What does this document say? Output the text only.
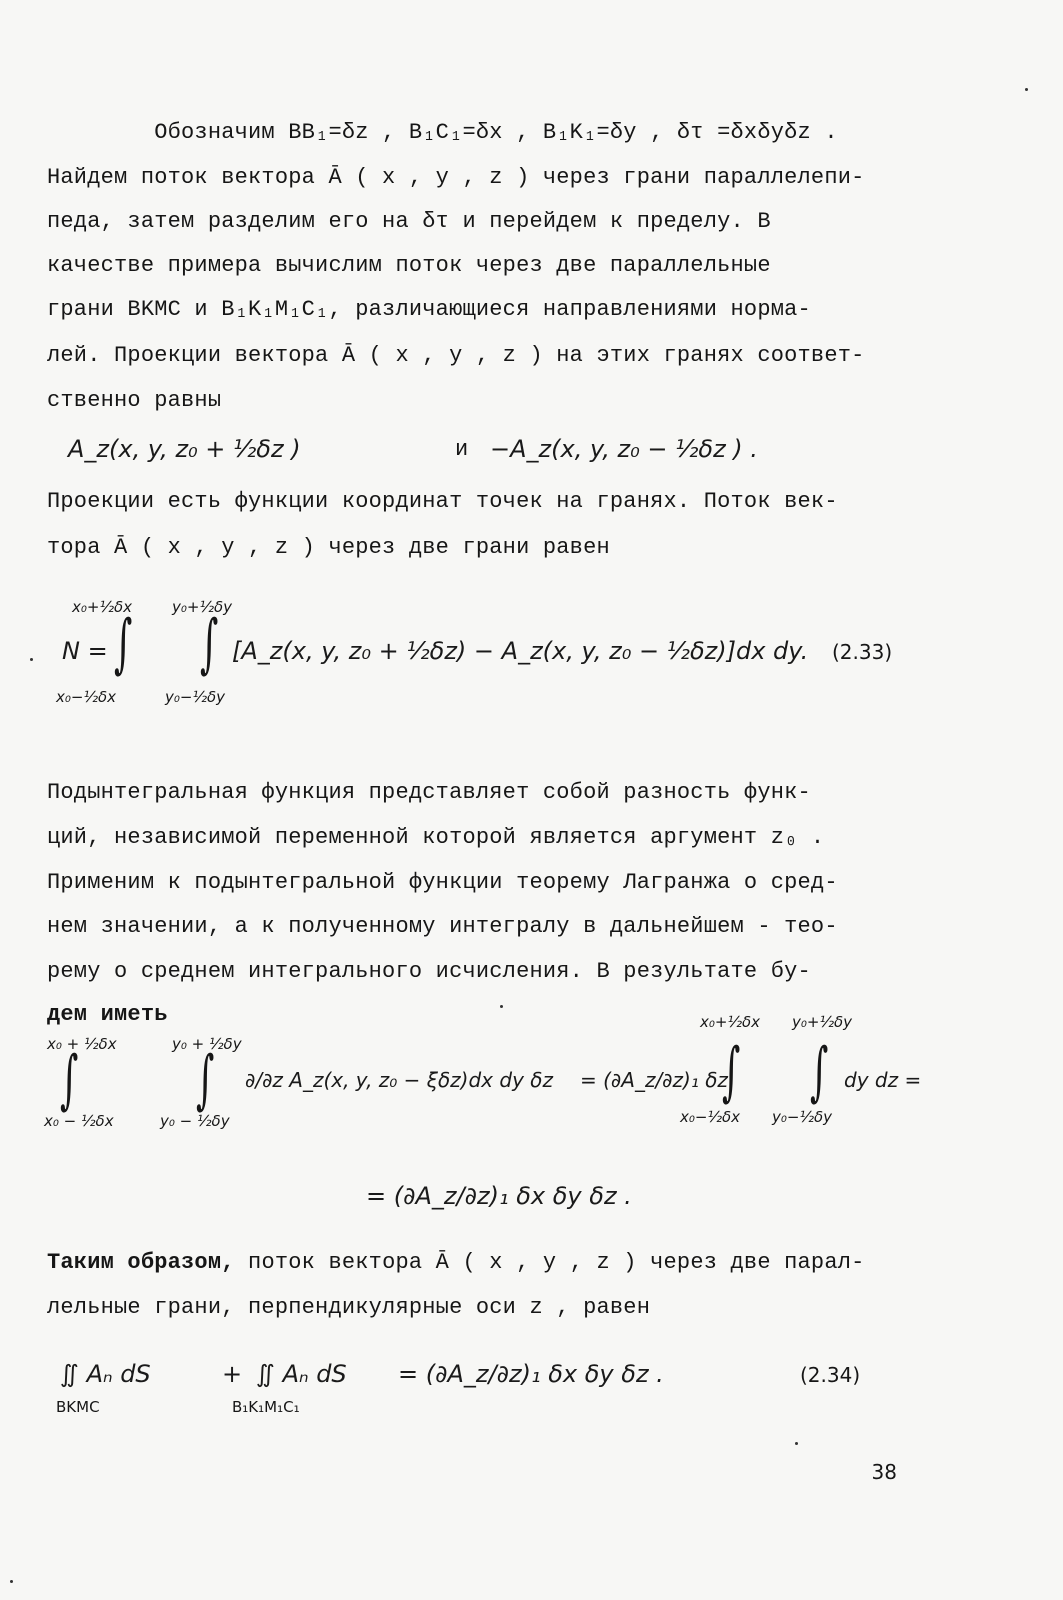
Обозначим BB₁=δz , B₁C₁=δx , B₁K₁=δy , δτ =δxδyδz .
Найдем поток вектора Ā ( x , y , z ) через грани параллелепи-
педа, затем разделим его на δτ и перейдем к пределу. В
качестве примера вычислим поток через две параллельные
грани BKMC и B₁K₁M₁C₁, различающиеся направлениями норма-
лей. Проекции вектора Ā ( x , y , z ) на этих гранях соответ-
ственно равны
A_z(x, y, z₀ + ½δz )	и −A_z(x, y, z₀ − ½δz ) .
Проекции есть функции координат точек на гранях. Поток век-
тора Ā ( x , y , z ) через две грани равен
x₀+½δx	y₀+½δy
N = ∫ ∫ [A_z(x, y, z₀ + ½δz) − A_z(x, y, z₀ − ½δz)]dx dy. (2.33)
x₀−½δx	y₀−½δy
Подынтегральная функция представляет собой разность функ-
ций, независимой переменной которой является аргумент z₀ .
Применим к подынтегральной функции теорему Лагранжа о сред-
нем значении, а к полученному интегралу в дальнейшем - тео-
рему о среднем интегрального исчисления. В результате бу-
дем иметь
x₀ + ½δx	y₀ + ½δy
∫ ∫ ∂/∂z A_z(x, y, z₀ − ξδz)dx dy δz = (∂A_z/∂z)₁ δz
x₀+½δx y₀+½δy
∫ ∫ dy dz =
x₀ − ½δx	y₀ − ½δy	x₀−½δx y₀−½δy
= (∂A_z/∂z)₁ δx δy δz .
Таким образом, поток вектора Ā ( x , y , z ) через две парал-
лельные грани, перпендикулярные оси z , равен
∬ Aₙ dS
BKMC
+ ∬ Aₙ dS
B₁K₁M₁C₁
= (∂A_z/∂z)₁ δx δy δz .	(2.34)
38
